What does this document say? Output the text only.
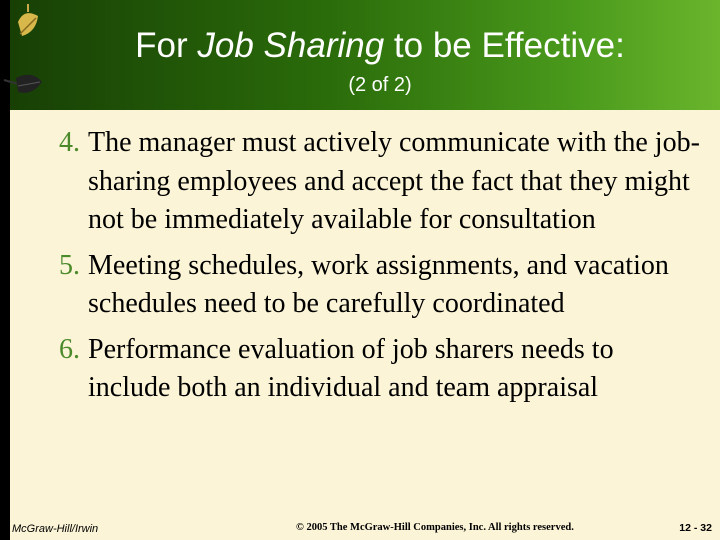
For Job Sharing to be Effective:
(2 of 2)
4. The manager must actively communicate with the job-sharing employees and accept the fact that they might not be immediately available for consultation
5. Meeting schedules, work assignments, and vacation schedules need to be carefully coordinated
6. Performance evaluation of job sharers needs to include both an individual and team appraisal
McGraw-Hill/Irwin	© 2005 The McGraw-Hill Companies, Inc. All rights reserved.	12 - 32
